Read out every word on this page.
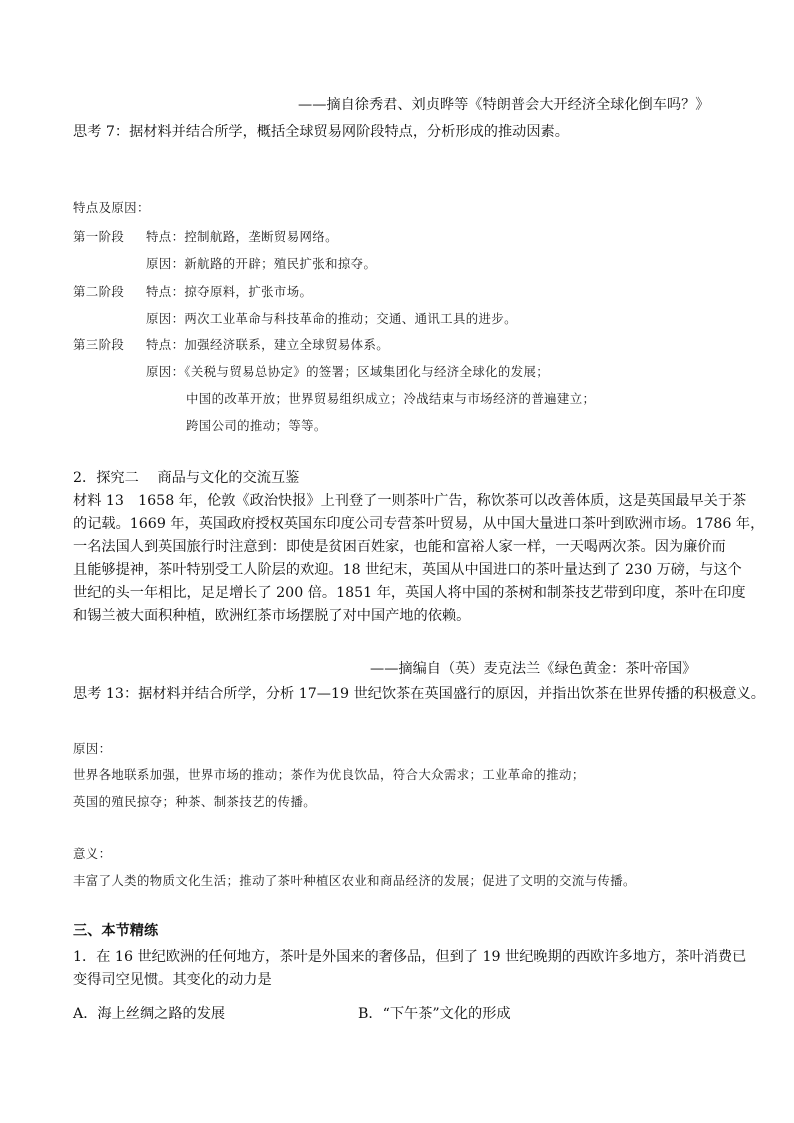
——摘自徐秀君、刘贞晔等《特朗普会大开经济全球化倒车吗？》
思考 7：据材料并结合所学，概括全球贸易网阶段特点，分析形成的推动因素。
特点及原因：
第一阶段 特点：控制航路，垄断贸易网络。
原因：新航路的开辟；殖民扩张和掠夺。
第二阶段 特点：掠夺原料，扩张市场。
原因：两次工业革命与科技革命的推动；交通、通讯工具的进步。
第三阶段 特点：加强经济联系，建立全球贸易体系。
原因：《关税与贸易总协定》的签署；区域集团化与经济全球化的发展；
中国的改革开放；世界贸易组织成立；冷战结束与市场经济的普遍建立；
跨国公司的推动；等等。
2．探究二　 商品与文化的交流互鉴
材料 13　1658 年，伦敦《政治快报》上刊登了一则茶叶广告，称饮茶可以改善体质，这是英国最早关于茶
的记载。1669 年，英国政府授权英国东印度公司专营茶叶贸易，从中国大量进口茶叶到欧洲市场。1786 年，
一名法国人到英国旅行时注意到：即使是贫困百姓家，也能和富裕人家一样，一天喝两次茶。因为廉价而
且能够提神，茶叶特别受工人阶层的欢迎。18 世纪末，英国从中国进口的茶叶量达到了 230 万磅，与这个
世纪的头一年相比，足足增长了 200 倍。1851 年，英国人将中国的茶树和制茶技艺带到印度，茶叶在印度
和锡兰被大面积种植，欧洲红茶市场摆脱了对中国产地的依赖。
——摘编自（英）麦克法兰《绿色黄金：茶叶帝国》
思考 13：据材料并结合所学，分析 17—19 世纪饮茶在英国盛行的原因，并指出饮茶在世界传播的积极意义。
原因：
世界各地联系加强，世界市场的推动；茶作为优良饮品，符合大众需求；工业革命的推动；
英国的殖民掠夺；种茶、制茶技艺的传播。
意义：
丰富了人类的物质文化生活；推动了茶叶种植区农业和商品经济的发展；促进了文明的交流与传播。
三、本节精练
1．在 16 世纪欧洲的任何地方，茶叶是外国来的奢侈品，但到了 19 世纪晚期的西欧许多地方，茶叶消费已
变得司空见惯。其变化的动力是
A．海上丝绸之路的发展	B．“下午茶”文化的形成
